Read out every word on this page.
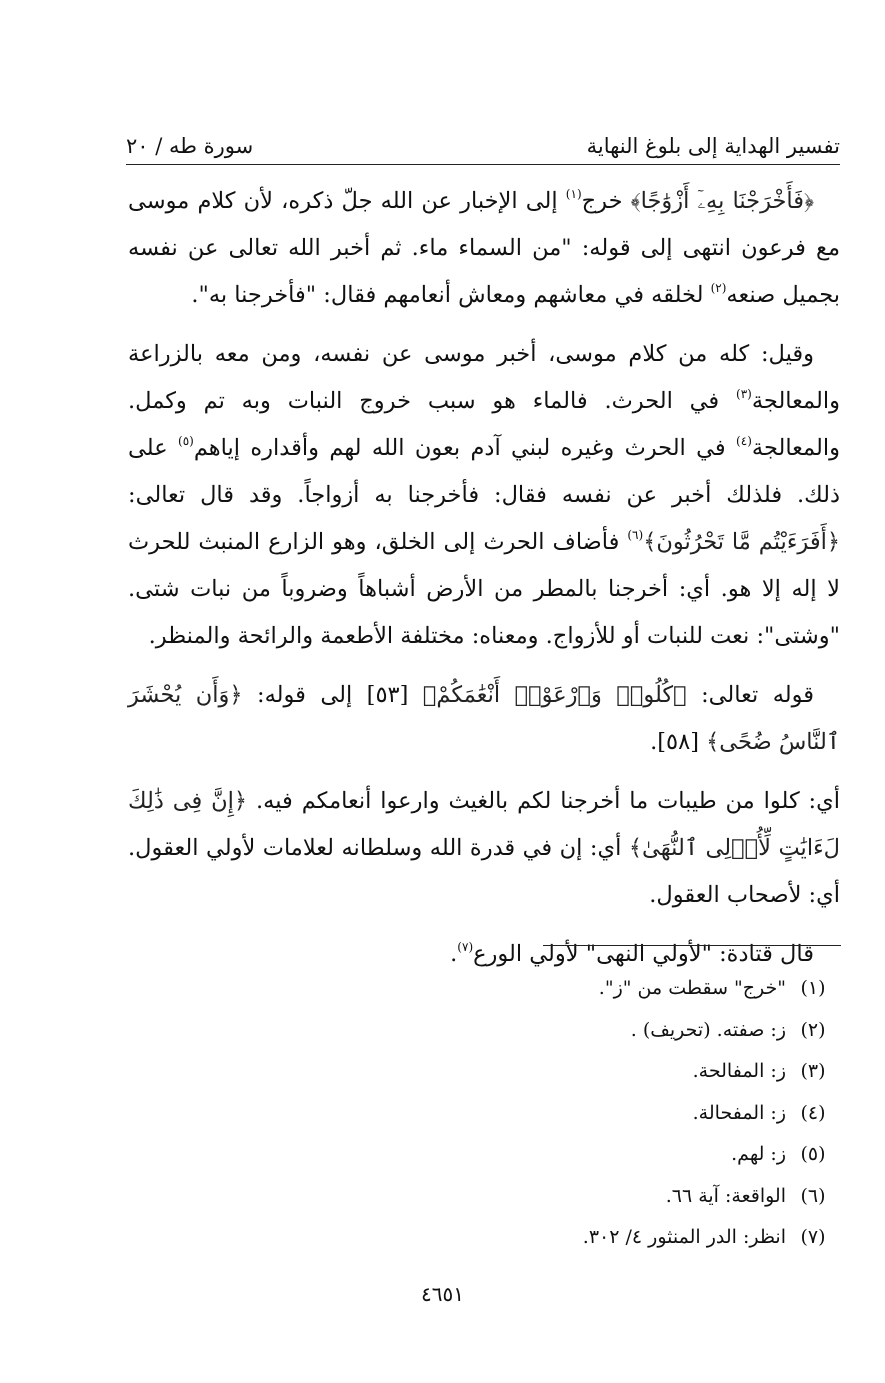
تفسير الهداية إلى بلوغ النهاية
سورة طه / ٢٠

﴿فَأَخْرَجْنَا بِهِۦٓ أَزْوَٰجًا﴾ خرج$^{(١)}$ إلى الإخبار عن الله جلّ ذكره، لأن كلام موسى مع فرعون انتهى إلى قوله: "من السماء ماء. ثم أخبر الله تعالى عن نفسه بجميل صنعه$^{(٢)}$ لخلقه في معاشهم ومعاش أنعامهم فقال: "فأخرجنا به".

وقيل: كله من كلام موسى، أخبر موسى عن نفسه، ومن معه بالزراعة والمعالجة$^{(٣)}$ في الحرث. فالماء هو سبب خروج النبات وبه تم وكمل. والمعالجة$^{(٤)}$ في الحرث وغيره لبني آدم بعون الله لهم وأقداره إياهم$^{(٥)}$ على ذلك. فلذلك أخبر عن نفسه فقال: فأخرجنا به أزواجاً. وقد قال تعالى: ﴿أَفَرَءَيْتُم مَّا تَحْرُثُونَ﴾$^{(٦)}$ فأضاف الحرث إلى الخلق، وهو الزارع المنبث للحرث لا إله إلا هو. أي: أخرجنا بالمطر من الأرض أشباهاً وضروباً من نبات شتى. "وشتى": نعت للنبات أو للأزواج. ومعناه: مختلفة الأطعمة والرائحة والمنظر.

قوله تعالى: ﴿كُلُوا۟ وَٱرْعَوْا۟ أَنْعَٰمَكُمْ﴾ [٥٣] إلى قوله: ﴿وَأَن يُحْشَرَ ٱلنَّاسُ ضُحًى﴾ [٥٨].

أي: كلوا من طيبات ما أخرجنا لكم بالغيث وارعوا أنعامكم فيه. ﴿إِنَّ فِى ذَٰلِكَ لَءَايَٰتٍ لِّأُو۟لِى ٱلنُّهَىٰ﴾ أي: إن في قدرة الله وسلطانه لعلامات لأولي العقول. أي: لأصحاب العقول.

قال قتادة: "لأولي النهى" لأولي الورع$^{(٧)}$.

(١)
"خرج" سقطت من "ز".
(٢)
ز: صفته. (تحريف) .
(٣)
ز: المفالحة.
(٤)
ز: المفحالة.
(٥)
ز: لهم.
(٦)
الواقعة: آية ٦٦.
(٧)
انظر: الدر المنثور ٤/ ٣٠٢.
٤٦٥١
